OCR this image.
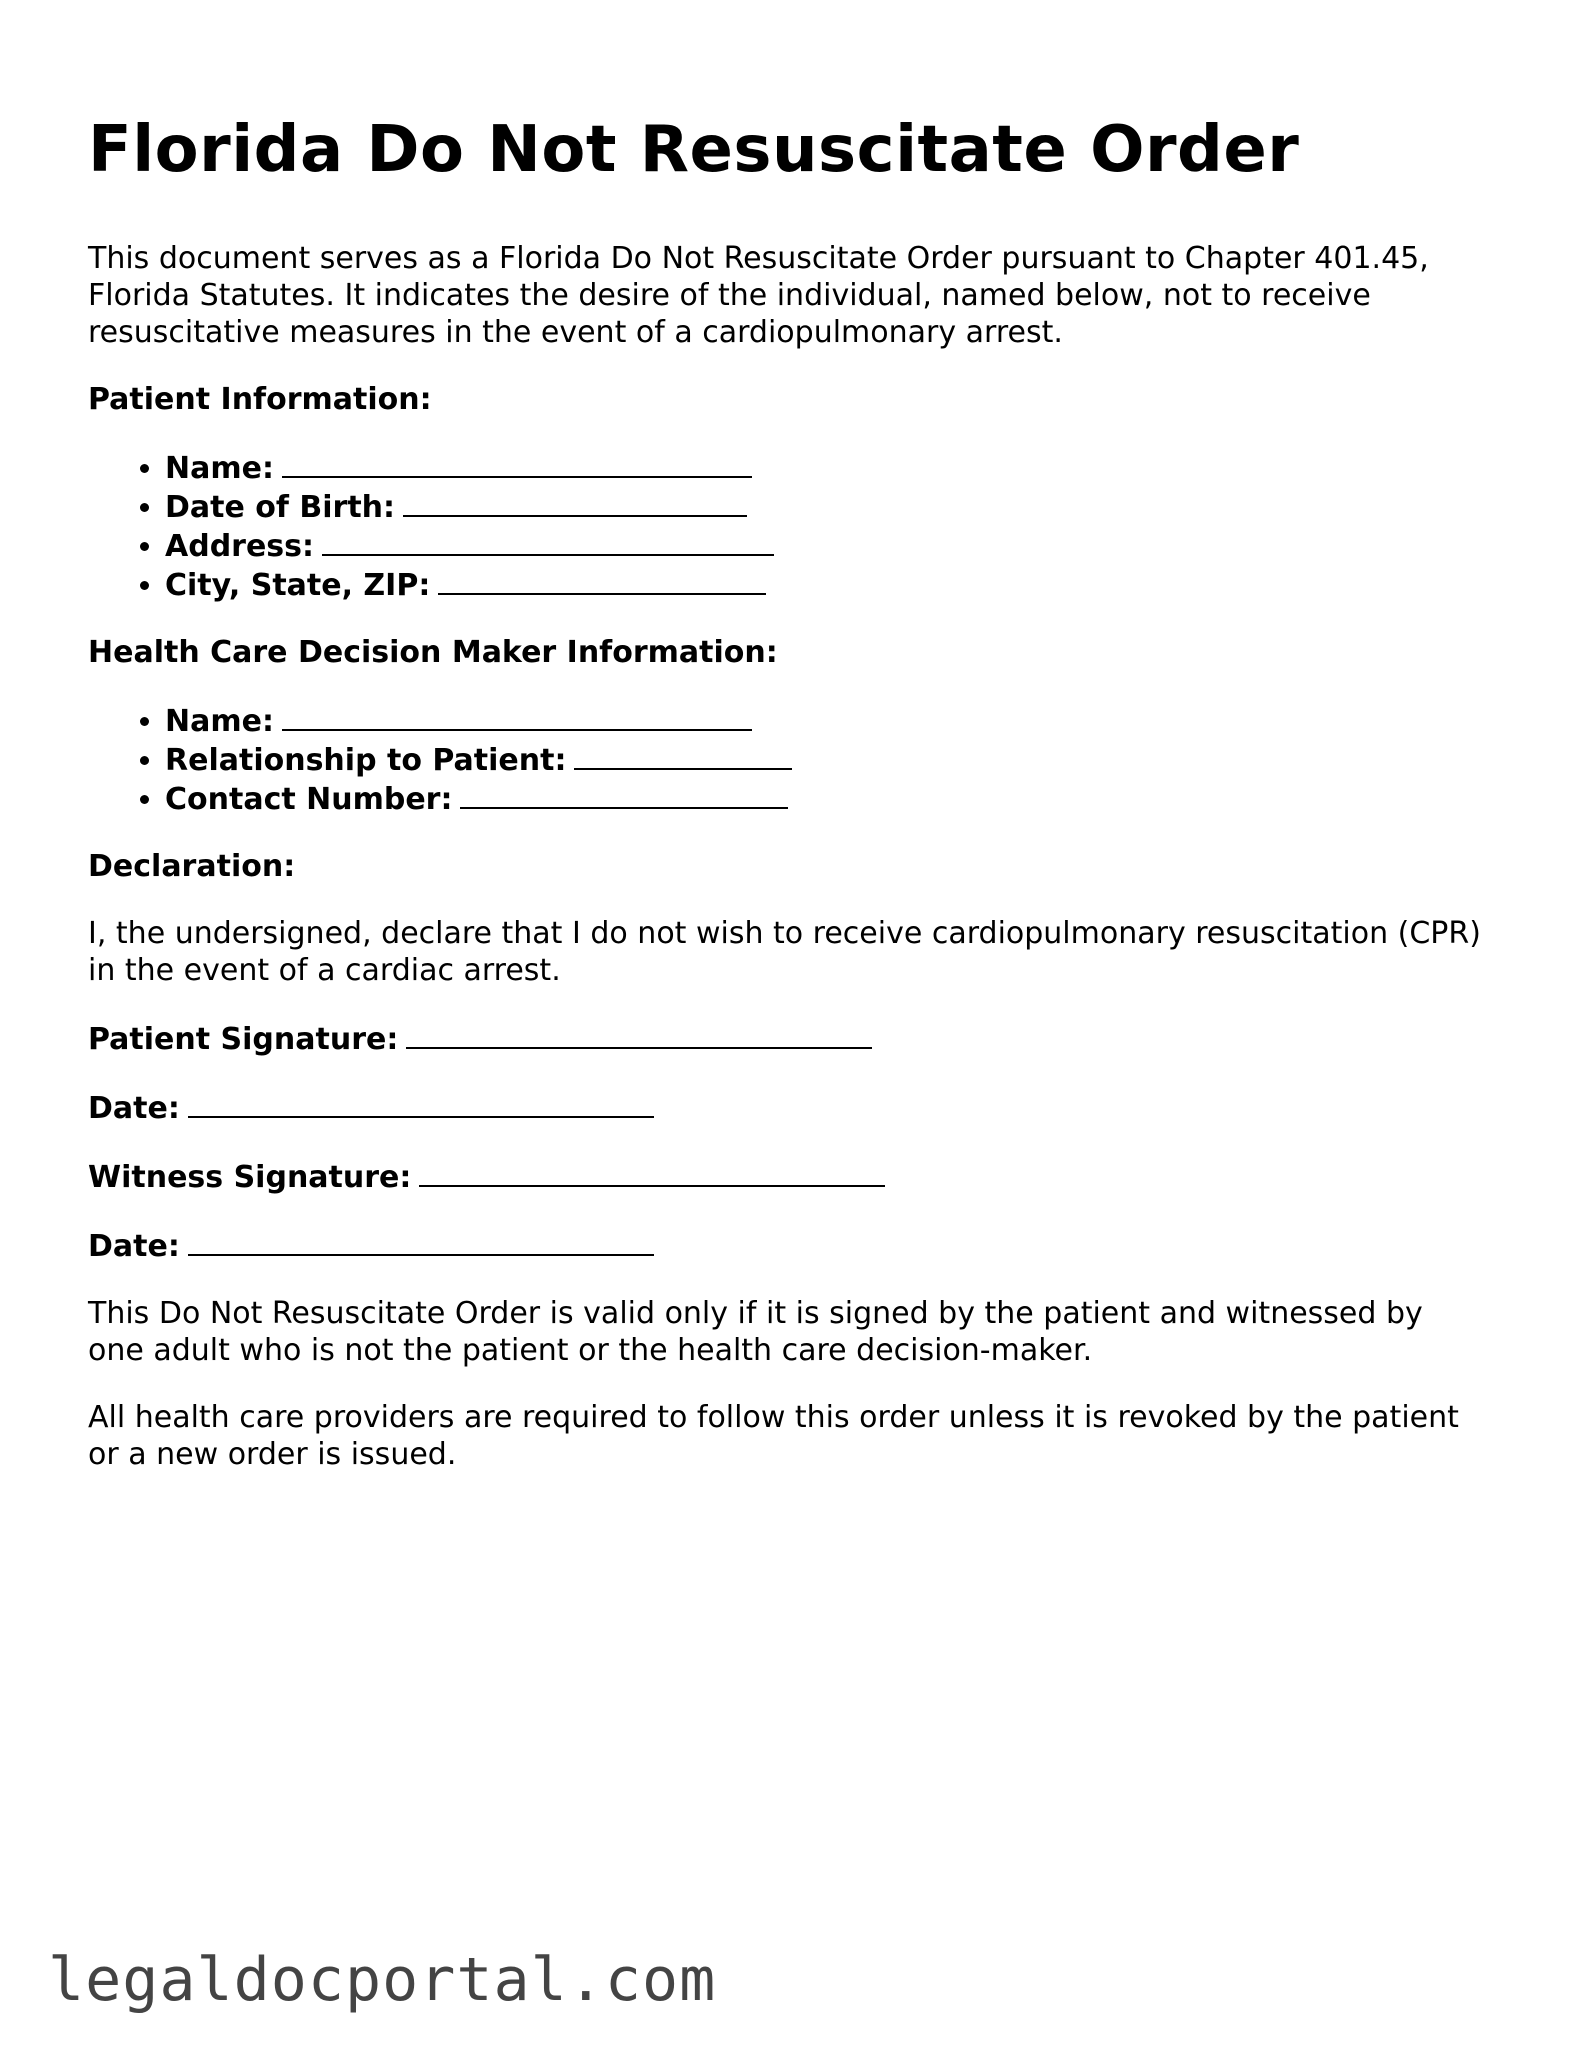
Florida Do Not Resuscitate Order

This document serves as a Florida Do Not Resuscitate Order pursuant to Chapter 401.45, Florida Statutes. It indicates the desire of the individual, named below, not to receive resuscitative measures in the event of a cardiopulmonary arrest.

Patient Information:

• Name:
• Date of Birth:
• Address:
• City, State, ZIP:

Health Care Decision Maker Information:

• Name:
• Relationship to Patient:
• Contact Number:

Declaration:

I, the undersigned, declare that I do not wish to receive cardiopulmonary resuscitation (CPR) in the event of a cardiac arrest.

Patient Signature:

Date:

Witness Signature:

Date:

This Do Not Resuscitate Order is valid only if it is signed by the patient and witnessed by one adult who is not the patient or the health care decision-maker.

All health care providers are required to follow this order unless it is revoked by the patient or a new order is issued.

legaldocportal.com
